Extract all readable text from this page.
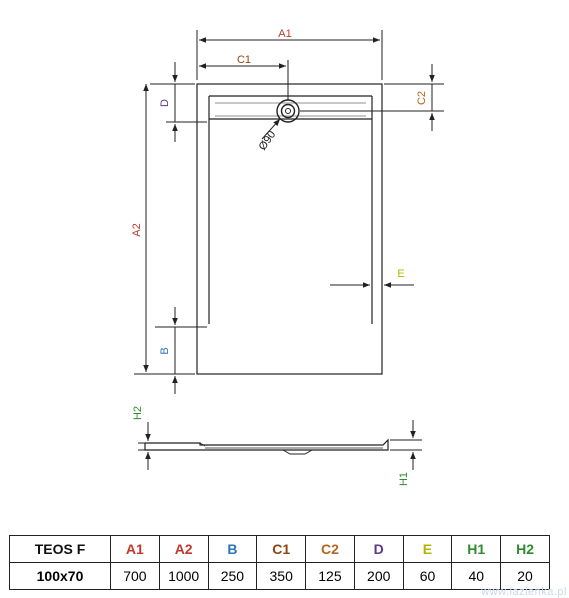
Ø90
A1
C1
C2
D
A2
B
E
H2
H1
TEOS F	A1	A2	B	C1	C2	D	E	H1	H2
100x70	700	1000	250	350	125	200	60	40	20
www.lazienka.pl
